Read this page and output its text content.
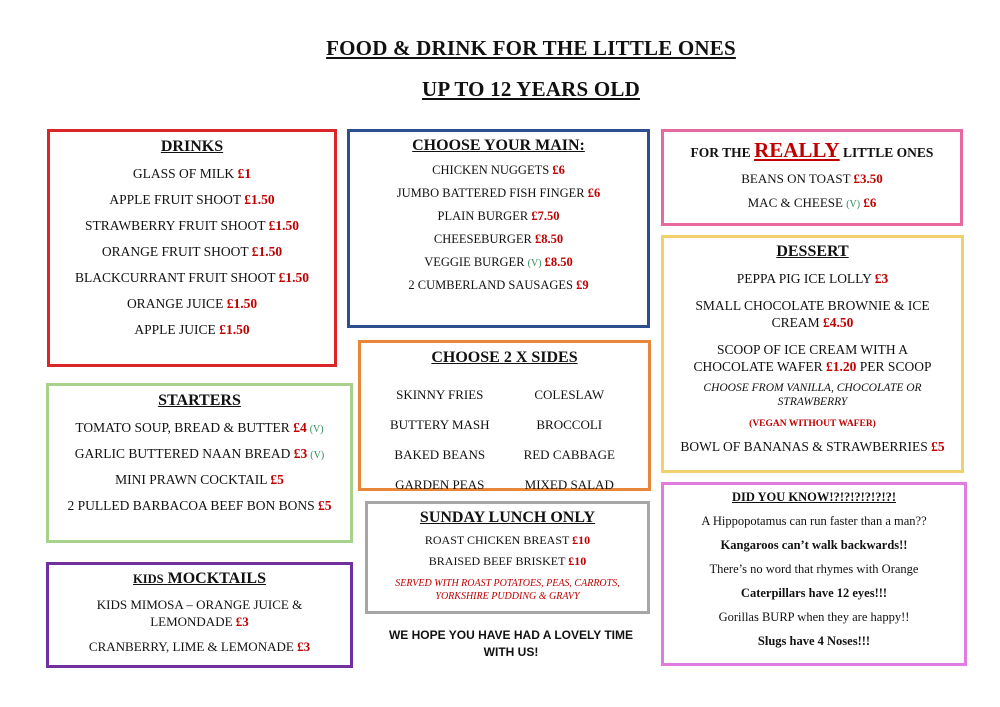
FOOD & DRINK FOR THE LITTLE ONES
UP TO 12 YEARS OLD
DRINKS
GLASS OF MILK £1
APPLE FRUIT SHOOT £1.50
STRAWBERRY FRUIT SHOOT £1.50
ORANGE FRUIT SHOOT £1.50
BLACKCURRANT FRUIT SHOOT £1.50
ORANGE JUICE £1.50
APPLE JUICE £1.50
CHOOSE YOUR MAIN:
CHICKEN NUGGETS £6
JUMBO BATTERED FISH FINGER £6
PLAIN BURGER £7.50
CHEESEBURGER £8.50
VEGGIE BURGER (V) £8.50
2 CUMBERLAND SAUSAGES £9
FOR THE REALLY LITTLE ONES
BEANS ON TOAST £3.50
MAC & CHEESE (V) £6
DESSERT
PEPPA PIG ICE LOLLY £3
SMALL CHOCOLATE BROWNIE & ICE CREAM £4.50
SCOOP OF ICE CREAM WITH A CHOCOLATE WAFER £1.20 PER SCOOP
CHOOSE FROM VANILLA, CHOCOLATE OR STRAWBERRY
(VEGAN WITHOUT WAFER)
BOWL OF BANANAS & STRAWBERRIES £5
CHOOSE 2 X SIDES
SKINNY FRIES	COLESLAW
BUTTERY MASH	BROCCOLI
BAKED BEANS	RED CABBAGE
GARDEN PEAS	MIXED SALAD
STARTERS
TOMATO SOUP, BREAD & BUTTER £4 (V)
GARLIC BUTTERED NAAN BREAD £3 (V)
MINI PRAWN COCKTAIL £5
2 PULLED BARBACOA BEEF BON BONS £5
SUNDAY LUNCH ONLY
ROAST CHICKEN BREAST £10
BRAISED BEEF BRISKET £10
SERVED WITH ROAST POTATOES, PEAS, CARROTS, YORKSHIRE PUDDING & GRAVY
KIDS MOCKTAILS
KIDS MIMOSA – ORANGE JUICE & LEMONDADE £3
CRANBERRY, LIME & LEMONADE £3
WE HOPE YOU HAVE HAD A LOVELY TIME WITH US!
DID YOU KNOW!?!?!?!?!?!?!
A Hippopotamus can run faster than a man??
Kangaroos can’t walk backwards!!
There’s no word that rhymes with Orange
Caterpillars have 12 eyes!!!
Gorillas BURP when they are happy!!
Slugs have 4 Noses!!!
